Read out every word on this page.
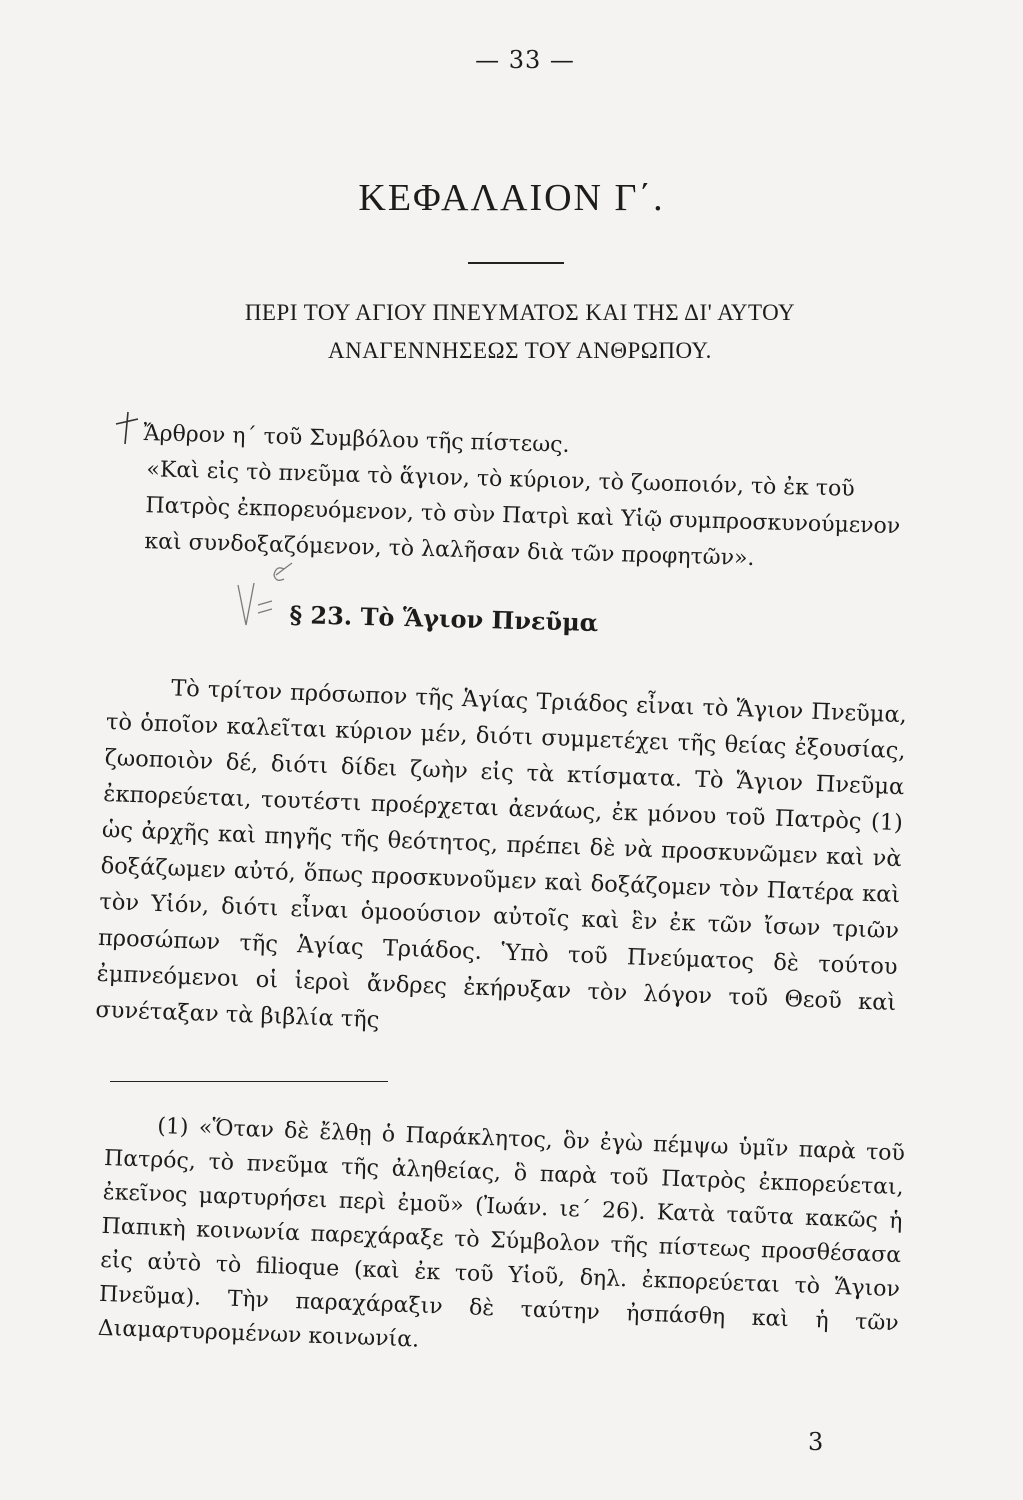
— 33 —
ΚΕΦΑΛΑΙΟΝ Γ΄.
ΠΕΡΙ ΤΟΥ ΑΓΙΟΥ ΠΝΕΥΜΑΤΟΣ ΚΑΙ ΤΗΣ ΔΙ' ΑΥΤΟΥ
ΑΝΑΓΕΝΝΗΣΕΩΣ ΤΟΥ ΑΝΘΡΩΠΟΥ.
Ἄρθρον η΄ τοῦ Συμβόλου τῆς πίστεως.
«Καὶ εἰς τὸ πνεῦμα τὸ ἅγιον, τὸ κύριον, τὸ ζωοποιόν, τὸ ἐκ τοῦ Πατρὸς ἐκπορευόμενον, τὸ σὺν Πατρὶ καὶ Υἱῷ συμπροσκυνούμενον καὶ συνδοξαζόμενον, τὸ λαλῆσαν διὰ τῶν προφητῶν».
§ 23. Τὸ Ἅγιον Πνεῦμα

Τὸ τρίτον πρόσωπον τῆς Ἁγίας Τριάδος εἶναι τὸ Ἅγιον Πνεῦμα, τὸ ὁποῖον καλεῖται κύριον μέν, διότι συμμετέχει τῆς θείας ἐξουσίας, ζωοποιὸν δέ, διότι δίδει ζωὴν εἰς τὰ κτίσματα. Τὸ Ἅγιον Πνεῦμα ἐκπορεύεται, τουτέστι προέρχεται ἀενάως, ἐκ μόνου τοῦ Πατρὸς (1) ὡς ἀρχῆς καὶ πηγῆς τῆς θεότητος, πρέπει δὲ νὰ προσκυνῶμεν καὶ νὰ δοξάζωμεν αὐτό, ὅπως προσκυνοῦμεν καὶ δοξάζομεν τὸν Πατέρα καὶ τὸν Υἱόν, διότι εἶναι ὁμοούσιον αὐτοῖς καὶ ἓν ἐκ τῶν ἴσων τριῶν προσώπων τῆς Ἁγίας Τριάδος. Ὑπὸ τοῦ Πνεύματος δὲ τούτου ἐμπνεόμενοι οἱ ἱεροὶ ἄνδρες ἐκήρυξαν τὸν λόγον τοῦ Θεοῦ καὶ συνέταξαν τὰ βιβλία τῆς

(1) «Ὅταν δὲ ἔλθῃ ὁ Παράκλητος, ὃν ἐγὼ πέμψω ὑμῖν παρὰ τοῦ Πατρός, τὸ πνεῦμα τῆς ἀληθείας, ὃ παρὰ τοῦ Πατρὸς ἐκπορεύεται, ἐκεῖνος μαρτυρήσει περὶ ἐμοῦ» (Ἰωάν. ιε΄ 26). Κατὰ ταῦτα κακῶς ἡ Παπικὴ κοινωνία παρεχάραξε τὸ Σύμβολον τῆς πίστεως προσθέσασα εἰς αὐτὸ τὸ filioque (καὶ ἐκ τοῦ Υἱοῦ, δηλ. ἐκπορεύεται τὸ Ἅγιον Πνεῦμα). Τὴν παραχάραξιν δὲ ταύτην ἠσπάσθη καὶ ἡ τῶν Διαμαρτυρομένων κοινωνία.

3
